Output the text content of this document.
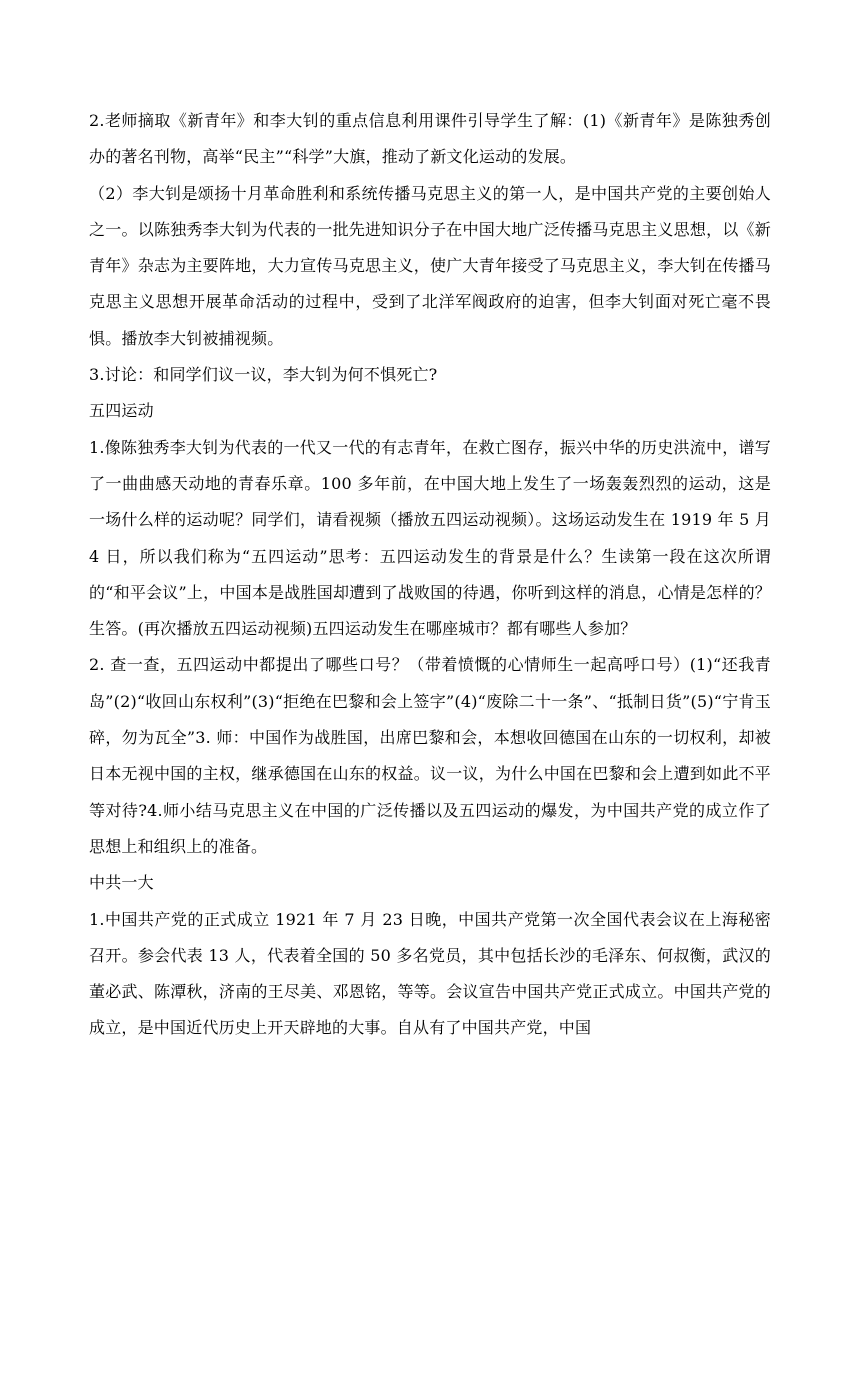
2.老师摘取《新青年》和李大钊的重点信息利用课件引导学生了解：(1)《新青年》是陈独秀创办的著名刊物，高举“民主”“科学”大旗，推动了新文化运动的发展。

（2）李大钊是颂扬十月革命胜利和系统传播马克思主义的第一人，是中国共产党的主要创始人之一。以陈独秀李大钊为代表的一批先进知识分子在中国大地广泛传播马克思主义思想，以《新青年》杂志为主要阵地，大力宣传马克思主义，使广大青年接受了马克思主义，李大钊在传播马克思主义思想开展革命活动的过程中，受到了北洋军阀政府的迫害，但李大钊面对死亡毫不畏惧。播放李大钊被捕视频。

3.讨论：和同学们议一议，李大钊为何不惧死亡?

五四运动

1.像陈独秀李大钊为代表的一代又一代的有志青年，在救亡图存，振兴中华的历史洪流中，谱写了一曲曲感天动地的青春乐章。100 多年前，在中国大地上发生了一场轰轰烈烈的运动，这是一场什么样的运动呢？同学们，请看视频（播放五四运动视频）。这场运动发生在 1919 年 5 月 4 日，所以我们称为“五四运动”思考：五四运动发生的背景是什么？生读第一段在这次所谓的“和平会议”上，中国本是战胜国却遭到了战败国的待遇，你听到这样的消息，心情是怎样的？生答。(再次播放五四运动视频)五四运动发生在哪座城市？都有哪些人参加？

2. 查一查，五四运动中都提出了哪些口号？（带着愤慨的心情师生一起高呼口号）(1)“还我青岛”(2)“收回山东权利”(3)“拒绝在巴黎和会上签字”(4)“废除二十一条”、“抵制日货”(5)“宁肯玉碎，勿为瓦全”3. 师：中国作为战胜国，出席巴黎和会，本想收回德国在山东的一切权利，却被日本无视中国的主权，继承德国在山东的权益。议一议，为什么中国在巴黎和会上遭到如此不平等对待?4.师小结马克思主义在中国的广泛传播以及五四运动的爆发，为中国共产党的成立作了思想上和组织上的准备。

中共一大

1.中国共产党的正式成立 1921 年 7 月 23 日晚，中国共产党第一次全国代表会议在上海秘密召开。参会代表 13 人，代表着全国的 50 多名党员，其中包括长沙的毛泽东、何叔衡，武汉的董必武、陈潭秋，济南的王尽美、邓恩铭，等等。会议宣告中国共产党正式成立。中国共产党的成立，是中国近代历史上开天辟地的大事。自从有了中国共产党，中国
